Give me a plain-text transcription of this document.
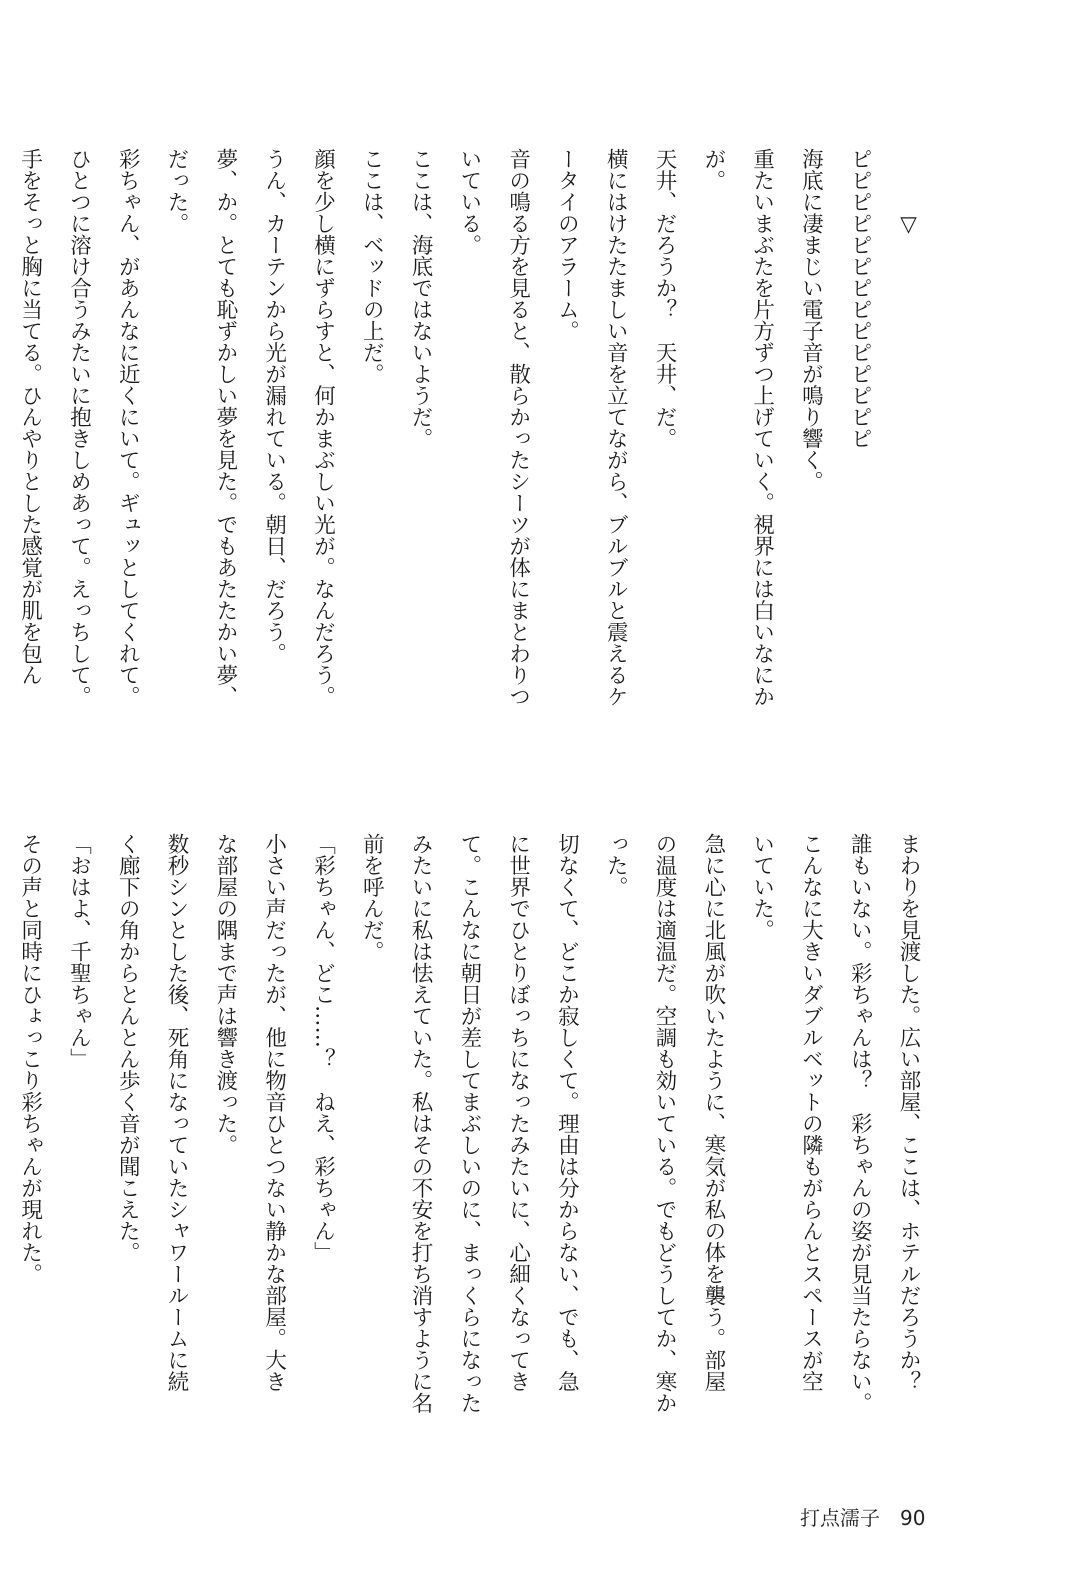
▽
ピピピピピピピピピピピピピピ
海底に凄まじい電子音が鳴り響く。
重たいまぶたを片方ずつ上げていく。視界には白いなにか
が。
天井、だろうか？　天井、だ。
横にはけたたましい音を立てながら、ブルブルと震えるケ
ータイのアラーム。
音の鳴る方を見ると、散らかったシーツが体にまとわりつ
いている。
ここは、海底ではないようだ。
ここは、ベッドの上だ。
顔を少し横にずらすと、何かまぶしい光が。なんだろう。
うん、カーテンから光が漏れている。朝日、だろう。
夢、か。とても恥ずかしい夢を見た。でもあたたかい夢、
だった。
彩ちゃん、があんなに近くにいて。ギュッとしてくれて。
ひとつに溶け合うみたいに抱きしめあって。えっちして。
手をそっと胸に当てる。ひんやりとした感覚が肌を包ん
まわりを見渡した。広い部屋、ここは、ホテルだろうか？
誰もいない。彩ちゃんは？　彩ちゃんの姿が見当たらない。
こんなに大きいダブルベットの隣もがらんとスペースが空
いていた。
急に心に北風が吹いたように、寒気が私の体を襲う。部屋
の温度は適温だ。空調も効いている。でもどうしてか、寒か
った。
切なくて、どこか寂しくて。理由は分からない、でも、急
に世界でひとりぼっちになったみたいに、心細くなってき
て。こんなに朝日が差してまぶしいのに、まっくらになった
みたいに私は怯えていた。私はその不安を打ち消すように名
前を呼んだ。
「彩ちゃん、どこ……？　ねえ、彩ちゃん」
小さい声だったが、他に物音ひとつない静かな部屋。大き
な部屋の隅まで声は響き渡った。
数秒シンとした後、死角になっていたシャワールームに続
く廊下の角からとんとん歩く音が聞こえた。
「おはよ、千聖ちゃん」
その声と同時にひょっこり彩ちゃんが現れた。
打点濡子 90
